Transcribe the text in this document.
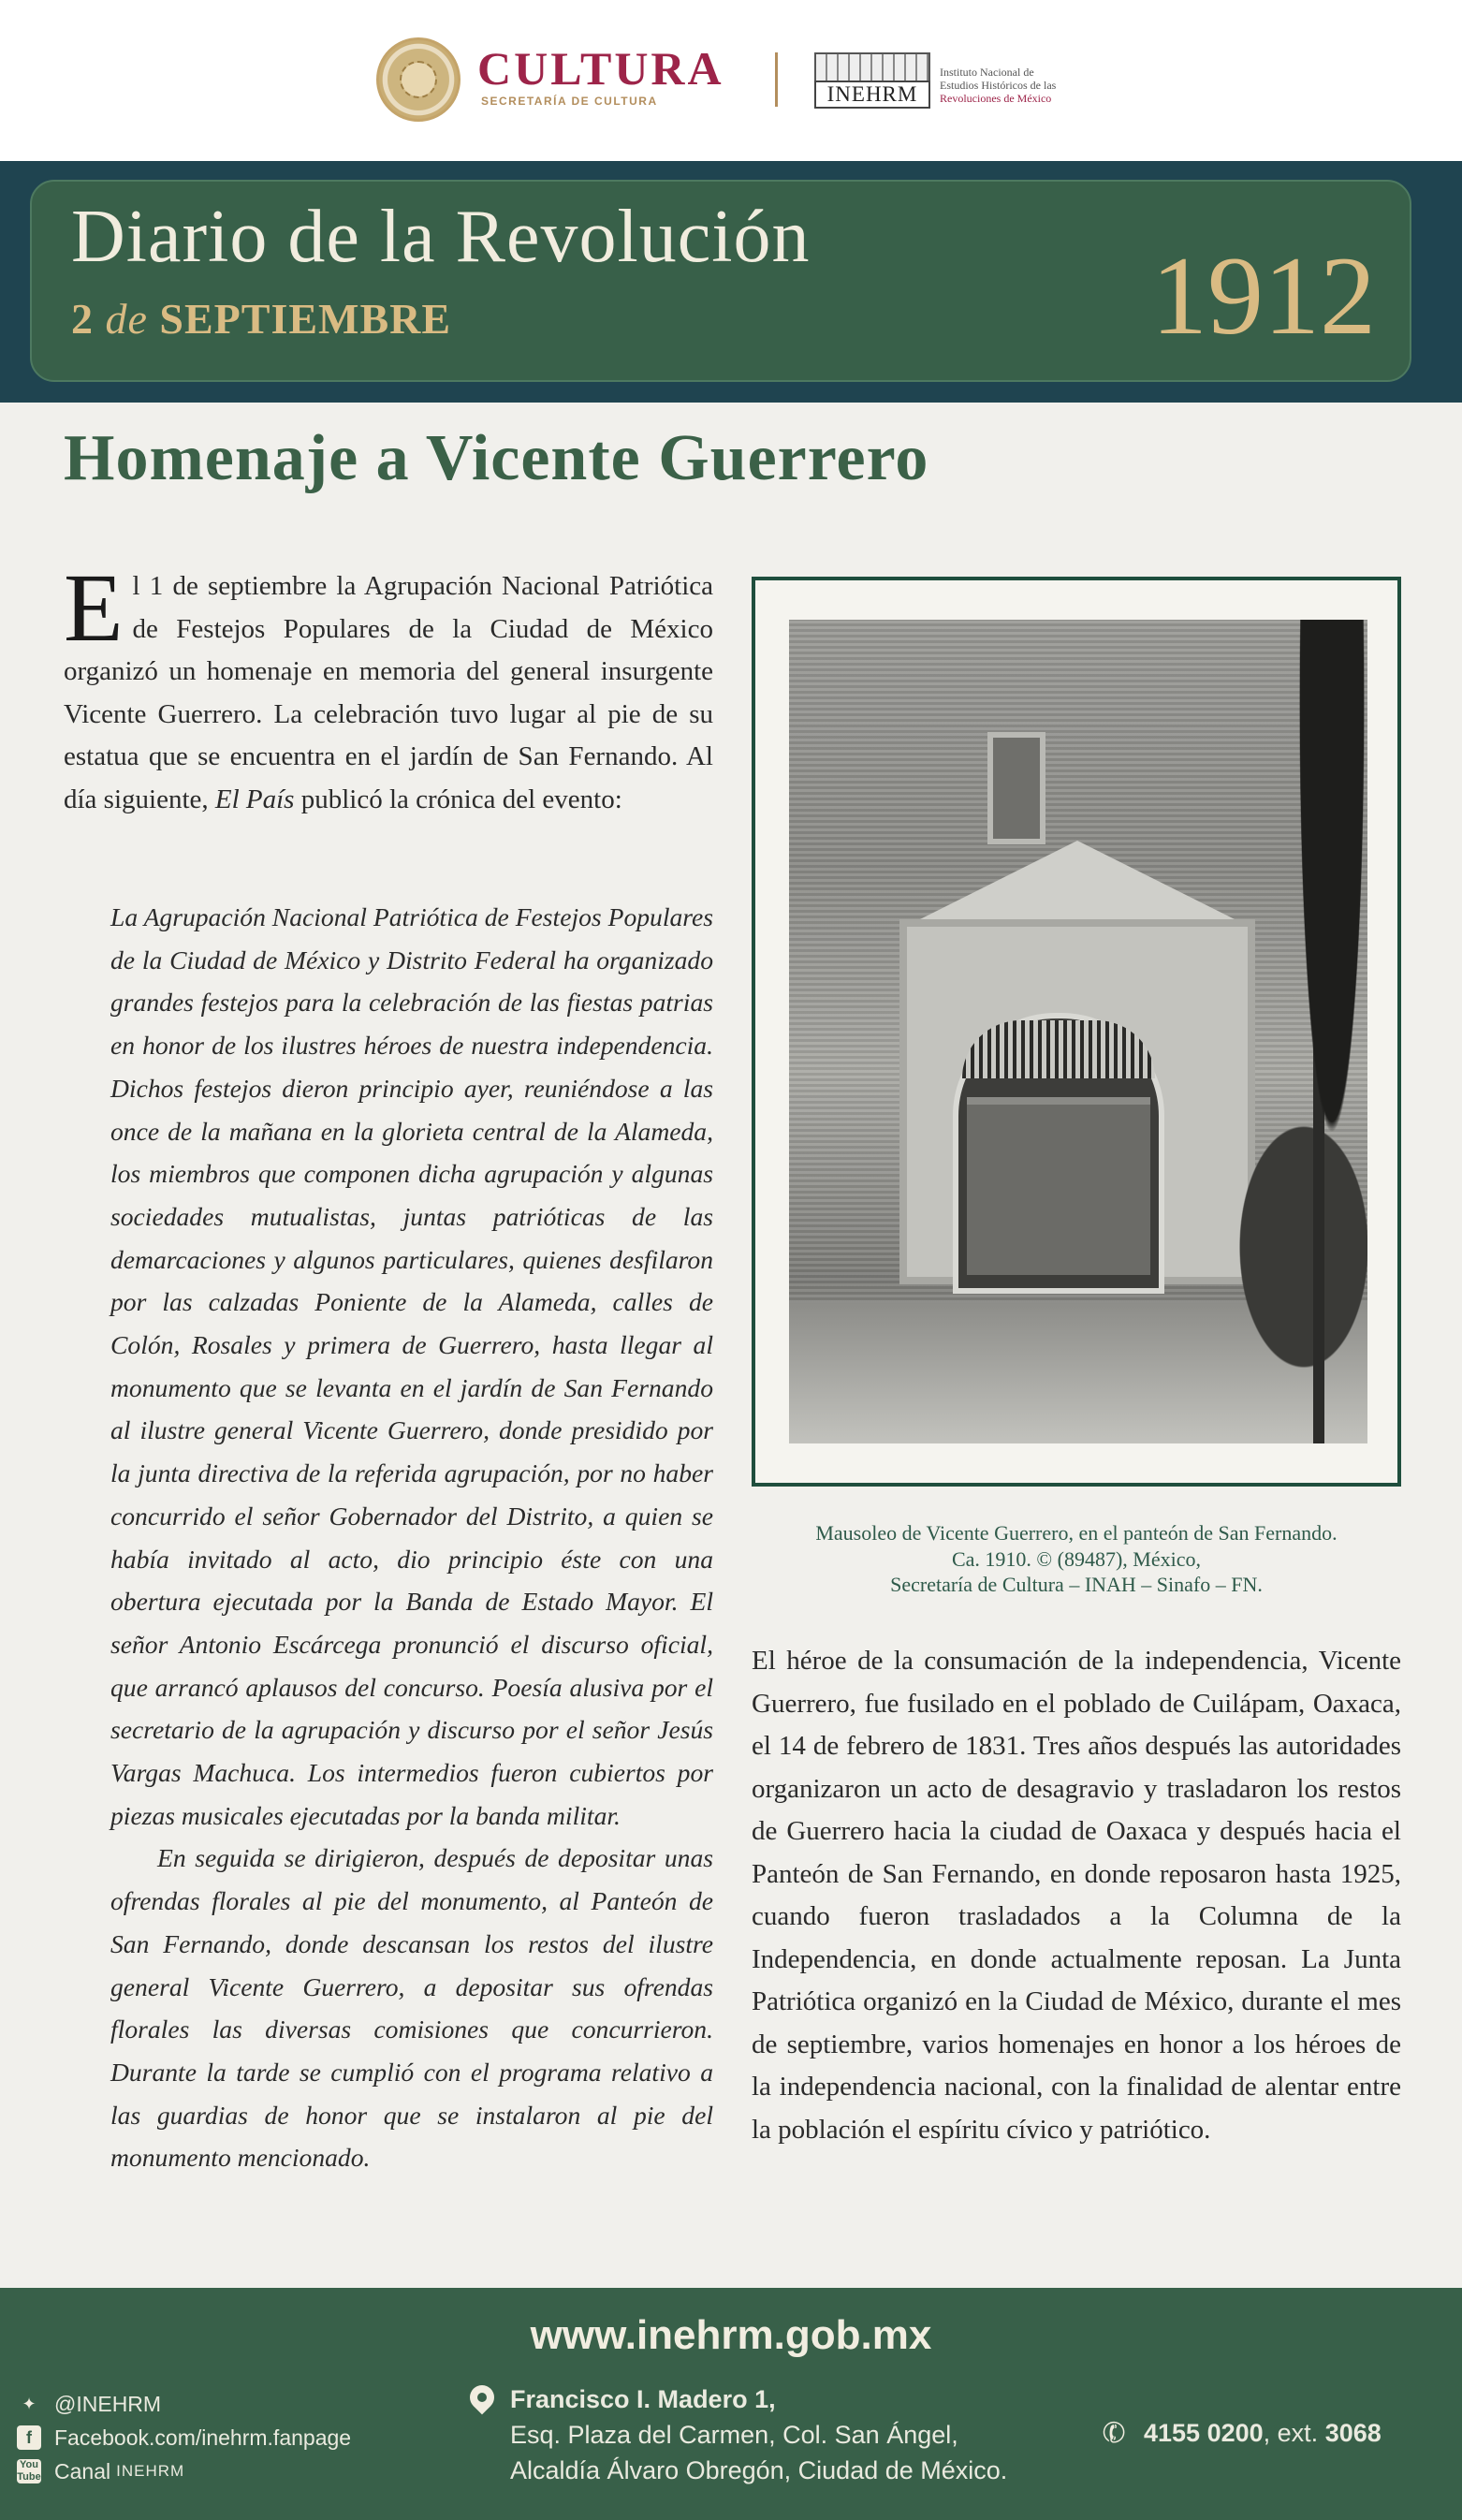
CULTURA
SECRETARÍA DE CULTURA	INEHRM
Instituto Nacional de
Estudios Históricos de las
Revoluciones de México
Diario de la Revolución
2 de SEPTIEMBRE	1912
Homenaje a Vicente Guerrero
El 1 de septiembre la Agrupación Nacional Patriótica de Festejos Populares de la Ciudad de México organizó un homenaje en memoria del general insurgente Vicente Guerrero. La celebración tuvo lugar al pie de su estatua que se encuentra en el jardín de San Fernando. Al día siguiente, El País publicó la crónica del evento:

La Agrupación Nacional Patriótica de Festejos Populares de la Ciudad de México y Distrito Federal ha organizado grandes festejos para la celebración de las fiestas patrias en honor de los ilustres héroes de nuestra independencia. Dichos festejos dieron principio ayer, reuniéndose a las once de la mañana en la glorieta central de la Alameda, los miembros que componen dicha agrupación y algunas sociedades mutualistas, juntas patrióticas de las demarcaciones y algunos particulares, quienes desfilaron por las calzadas Poniente de la Alameda, calles de Colón, Rosales y primera de Guerrero, hasta llegar al monumento que se levanta en el jardín de San Fernando al ilustre general Vicente Guerrero, donde presidido por la junta directiva de la referida agrupación, por no haber concurrido el señor Gobernador del Distrito, a quien se había invitado al acto, dio principio éste con una obertura ejecutada por la Banda de Estado Mayor. El señor Antonio Escárcega pronunció el discurso oficial, que arrancó aplausos del concurso. Poesía alusiva por el secretario de la agrupación y discurso por el señor Jesús Vargas Machuca. Los intermedios fueron cubiertos por piezas musicales ejecutadas por la banda militar.

En seguida se dirigieron, después de depositar unas ofrendas florales al pie del monumento, al Panteón de San Fernando, donde descansan los restos del ilustre general Vicente Guerrero, a depositar sus ofrendas florales las diversas comisiones que concurrieron. Durante la tarde se cumplió con el programa relativo a las guardias de honor que se instalaron al pie del monumento mencionado.

Mausoleo de Vicente Guerrero, en el panteón de San Fernando.
Ca. 1910. © (89487), México,
Secretaría de Cultura – INAH – Sinafo – FN.
El héroe de la consumación de la independencia, Vicente Guerrero, fue fusilado en el poblado de Cuilápam, Oaxaca, el 14 de febrero de 1831. Tres años después las autoridades organizaron un acto de desagravio y trasladaron los restos de Guerrero hacia la ciudad de Oaxaca y después hacia el Panteón de San Fernando, en donde reposaron hasta 1925, cuando fueron trasladados a la Columna de la Independencia, en donde actualmente reposan. La Junta Patriótica organizó en la Ciudad de México, durante el mes de septiembre, varios homenajes en honor a los héroes de la independencia nacional, con la finalidad de alentar entre la población el espíritu cívico y patriótico.
www.inehrm.gob.mx
✦ @INEHRM
f	Facebook.com/inehrm.fanpage
You
Tube Canal INEHRM
Francisco I. Madero 1,
Esq. Plaza del Carmen, Col. San Ángel,
Alcaldía Álvaro Obregón, Ciudad de México.
✆ 4155 0200, ext. 3068
